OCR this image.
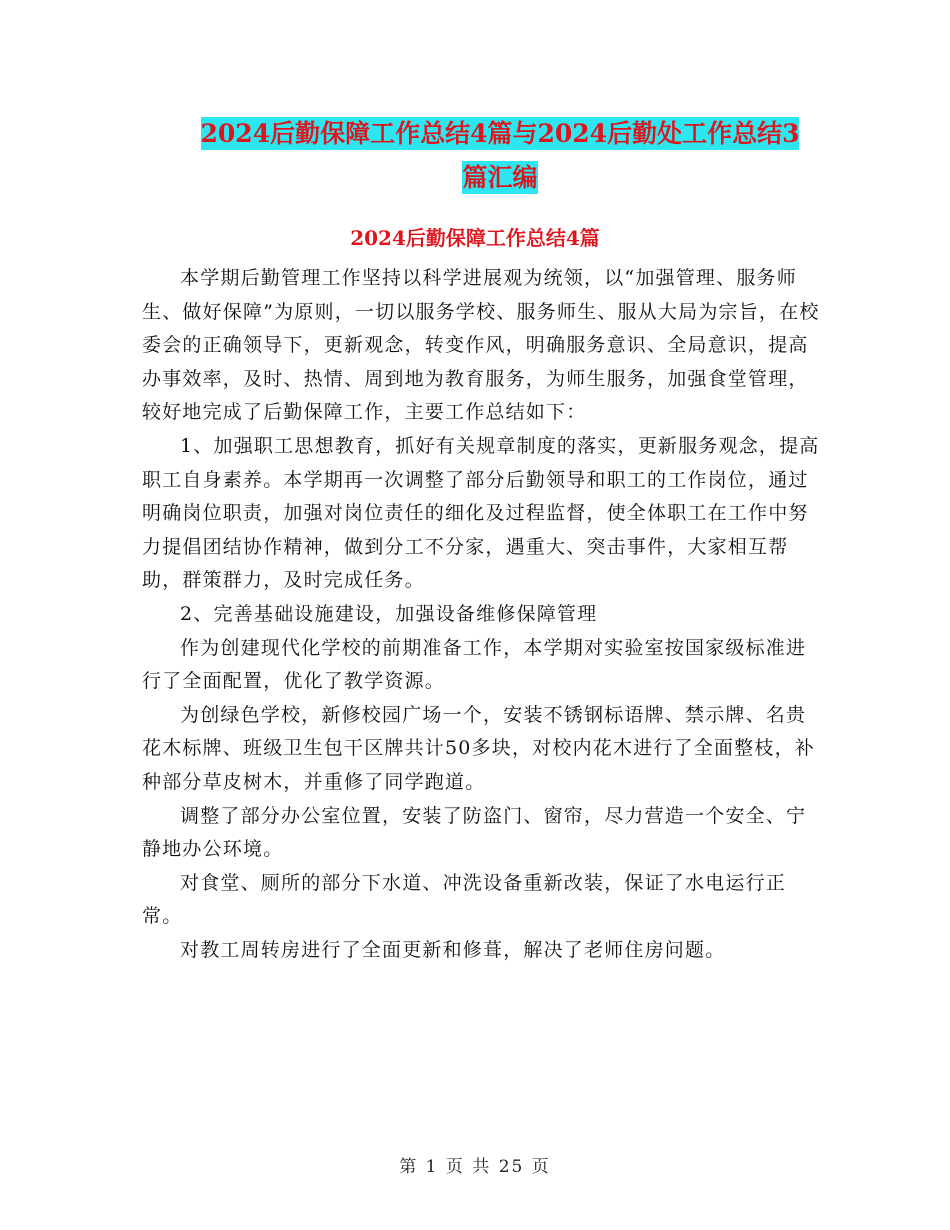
2024后勤保障工作总结4篇与2024后勤处工作总结3
篇汇编
2024后勤保障工作总结4篇

本学期后勤管理工作坚持以科学进展观为统领，以“加强管理、服务师生、做好保障”为原则，一切以服务学校、服务师生、服从大局为宗旨，在校委会的正确领导下，更新观念，转变作风，明确服务意识、全局意识，提高办事效率，及时、热情、周到地为教育服务，为师生服务，加强食堂管理，较好地完成了后勤保障工作，主要工作总结如下：

1、加强职工思想教育，抓好有关规章制度的落实，更新服务观念，提高职工自身素养。本学期再一次调整了部分后勤领导和职工的工作岗位，通过明确岗位职责，加强对岗位责任的细化及过程监督，使全体职工在工作中努力提倡团结协作精神，做到分工不分家，遇重大、突击事件，大家相互帮助，群策群力，及时完成任务。

2、完善基础设施建设，加强设备维修保障管理

作为创建现代化学校的前期准备工作，本学期对实验室按国家级标准进行了全面配置，优化了教学资源。

为创绿色学校，新修校园广场一个，安装不锈钢标语牌、禁示牌、名贵花木标牌、班级卫生包干区牌共计50多块，对校内花木进行了全面整枝，补种部分草皮树木，并重修了同学跑道。

调整了部分办公室位置，安装了防盗门、窗帘，尽力营造一个安全、宁静地办公环境。

对食堂、厕所的部分下水道、冲洗设备重新改装，保证了水电运行正常。

对教工周转房进行了全面更新和修葺，解决了老师住房问题。

第 1 页 共 25 页
